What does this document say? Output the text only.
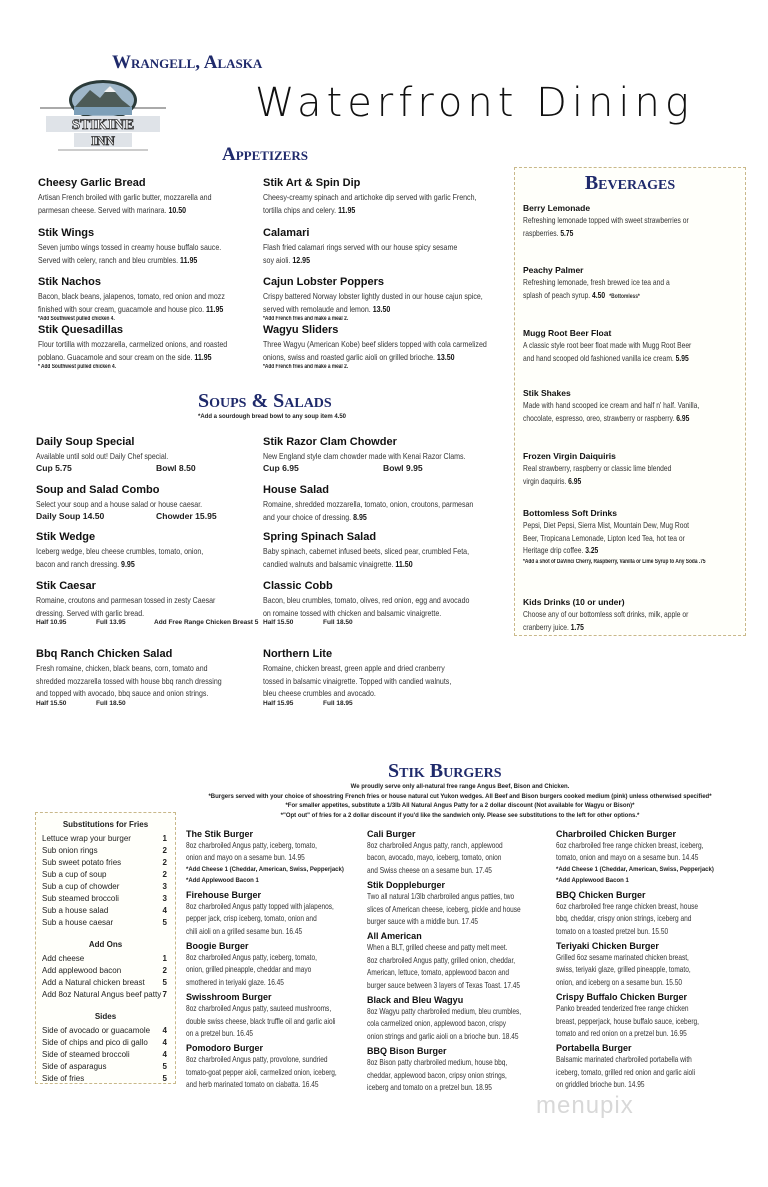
Wrangell, Alaska
Waterfront Dining
STIKINE
INN
Appetizers
Cheesy Garlic Bread
Artisan French broiled with garlic butter, mozzarella and
parmesan cheese. Served with marinara. 10.50
Stik Art & Spin Dip
Cheesy-creamy spinach and artichoke dip served with garlic French,
tortilla chips and celery. 11.95
Stik Wings
Seven jumbo wings tossed in creamy house buffalo sauce.
Served with celery, ranch and bleu crumbles. 11.95
Calamari
Flash fried calamari rings served with our house spicy sesame
soy aioli. 12.95
Stik Nachos
Bacon, black beans, jalapenos, tomato, red onion and mozz
finished with sour cream, guacamole and house pico. 11.95
*Add Southwest pulled chicken 4.
Cajun Lobster Poppers
Crispy battered Norway lobster lightly dusted in our house cajun spice,
served with remolaude and lemon. 13.50
*Add French fries and make a meal 2.
Stik Quesadillas
Flour tortilla with mozzarella, carmelized onions, and roasted
poblano. Guacamole and sour cream on the side. 11.95
* Add Southwest pulled chicken 4.
Wagyu Sliders
Three Wagyu (American Kobe) beef sliders topped with cola carmelized
onions, swiss and roasted garlic aioli on grilled brioche. 13.50
*Add French fries and make a meal 2.
Soups & Salads
*Add a sourdough bread bowl to any soup item 4.50
Daily Soup Special
Available until sold out! Daily Chef special.
Cup 5.75	Bowl 8.50
Stik Razor Clam Chowder
New England style clam chowder made with Kenai Razor Clams.
Cup 6.95	Bowl 9.95
Soup and Salad Combo
Select your soup and a house salad or house caesar.
Daily Soup 14.50	Chowder 15.95
House Salad
Romaine, shredded mozzarella, tomato, onion, croutons, parmesan
and your choice of dressing. 8.95
Stik Wedge
Iceberg wedge, bleu cheese crumbles, tomato, onion,
bacon and ranch dressing. 9.95
Spring Spinach Salad
Baby spinach, cabernet infused beets, sliced pear, crumbled Feta,
candied walnuts and balsamic vinaigrette. 11.50
Stik Caesar
Romaine, croutons and parmesan tossed in zesty Caesar
dressing. Served with garlic bread.
Half 10.95	Full 13.95	Add Free Range Chicken Breast 5
Classic Cobb
Bacon, bleu crumbles, tomato, olives, red onion, egg and avocado
on romaine tossed with chicken and balsamic vinaigrette.
Half 15.50	Full 18.50
Bbq Ranch Chicken Salad
Fresh romaine, chicken, black beans, corn, tomato and
shredded mozzarella tossed with house bbq ranch dressing
and topped with avocado, bbq sauce and onion strings.
Half 15.50	Full 18.50
Northern Lite
Romaine, chicken breast, green apple and dried cranberry
tossed in balsamic vinaigrette. Topped with candied walnuts,
bleu cheese crumbles and avocado.
Half 15.95	Full 18.95
Beverages
Berry Lemonade
Refreshing lemonade topped with sweet strawberries or
raspberries. 5.75
Peachy Palmer
Refreshing lemonade, fresh brewed ice tea and a
splash of peach syrup. 4.50 *Bottomless*
Mugg Root Beer Float
A classic style root beer float made with Mugg Root Beer
and hand scooped old fashioned vanilla ice cream. 5.95
Stik Shakes
Made with hand scooped ice cream and half n' half. Vanilla,
chocolate, espresso, oreo, strawberry or raspberry. 6.95
Frozen Virgin Daiquiris
Real strawberry, raspberry or classic lime blended
virgin daquiris. 6.95
Bottomless Soft Drinks
Pepsi, Diet Pepsi, Sierra Mist, Mountain Dew, Mug Root
Beer, Tropicana Lemonade, Lipton Iced Tea, hot tea or
Heritage drip coffee. 3.25
*Add a shot of DaVinci Cherry, Raspberry, Vanilla or Lime Syrup to Any Soda .75
Kids Drinks (10 or under)
Choose any of our bottomless soft drinks, milk, apple or
cranberry juice. 1.75
Stik Burgers
We proudly serve only all-natural free range Angus Beef, Bison and Chicken.
*Burgers served with your choice of shoestring French fries or house natural cut Yukon wedges. All Beef and Bison burgers cooked medium (pink) unless otherwised specified*
*For smaller appetites, substitute a 1/3lb All Natural Angus Patty for a 2 dollar discount (Not available for Wagyu or Bison)*
*"Opt out" of fries for a 2 dollar discount if you'd like the sandwich only. Please see substitutions to the left for other options.*
Substitutions for Fries
Lettuce wrap your burger	1
Sub onion rings	2
Sub sweet potato fries	2
Sub a cup of soup	2
Sub a cup of chowder	3
Sub steamed broccoli	3
Sub a house salad	4
Sub a house caesar	5
Add Ons
Add cheese	1
Add applewood bacon	2
Add a Natural chicken breast 5
Add 8oz Natural Angus beef patty 7
Sides
Side of avocado or guacamole 4
Side of chips and pico di gallo 4
Side of steamed broccoli	4
Side of asparagus	5
Side of fries	5
The Stik Burger
8oz charbroiled Angus patty, iceberg, tomato,
onion and mayo on a sesame bun. 14.95
*Add Cheese 1 (Cheddar, American, Swiss, Pepperjack)
*Add Applewood Bacon 1
Firehouse Burger
8oz charbroiled Angus patty topped with jalapenos,
pepper jack, crisp iceberg, tomato, onion and
chili aioli on a grilled sesame bun. 16.45
Boogie Burger
8oz charbroiled Angus patty, iceberg, tomato,
onion, grilled pineapple, cheddar and mayo
smothered in teriyaki glaze. 16.45
Swisshroom Burger
8oz charbroiled Angus patty, sauteed mushrooms,
double swiss cheese, black truffle oil and garlic aioli
on a pretzel bun. 16.45
Pomodoro Burger
8oz charbroiled Angus patty, provolone, sundried
tomato-goat pepper aioli, carmelized onion, iceberg,
and herb marinated tomato on ciabatta. 16.45
Cali Burger
8oz charbroiled Angus patty, ranch, applewood
bacon, avocado, mayo, iceberg, tomato, onion
and Swiss cheese on a sesame bun. 17.45
Stik Doppleburger
Two all natural 1/3lb charbroiled angus patties, two
slices of American cheese, iceberg, pickle and house
burger sauce with a middle bun. 17.45
All American
When a BLT, grilled cheese and patty melt meet.
8oz charbroiled Angus patty, grilled onion, cheddar,
American, lettuce, tomato, applewood bacon and
burger sauce between 3 layers of Texas Toast. 17.45
Black and Bleu Wagyu
8oz Wagyu patty charbroiled medium, bleu crumbles,
cola carmelized onion, applewood bacon, crispy
onion strings and garlic aioli on a brioche bun. 18.45
BBQ Bison Burger
8oz Bison patty charbroiled medium, house bbq,
cheddar, applewood bacon, cripsy onion strings,
iceberg and tomato on a pretzel bun. 18.95
Charbroiled Chicken Burger
6oz charbroiled free range chicken breast, iceberg,
tomato, onion and mayo on a sesame bun. 14.45
*Add Cheese 1 (Cheddar, American, Swiss, Pepperjack)
*Add Applewood Bacon 1
BBQ Chicken Burger
6oz charbroiled free range chicken breast, house
bbq, cheddar, crispy onion strings, iceberg and
tomato on a toasted pretzel bun. 15.50
Teriyaki Chicken Burger
Grilled 6oz sesame marinated chicken breast,
swiss, teriyaki glaze, grilled pineapple, tomato,
onion, and iceberg on a sesame bun. 15.50
Crispy Buffalo Chicken Burger
Panko breaded tenderized free range chicken
breast, pepperjack, house buffalo sauce, iceberg,
tomato and red onion on a pretzel bun. 16.95
Portabella Burger
Balsamic marinated charbroiled portabella with
iceberg, tomato, grilled red onion and garlic aioli
on griddled brioche bun. 14.95
menupix
